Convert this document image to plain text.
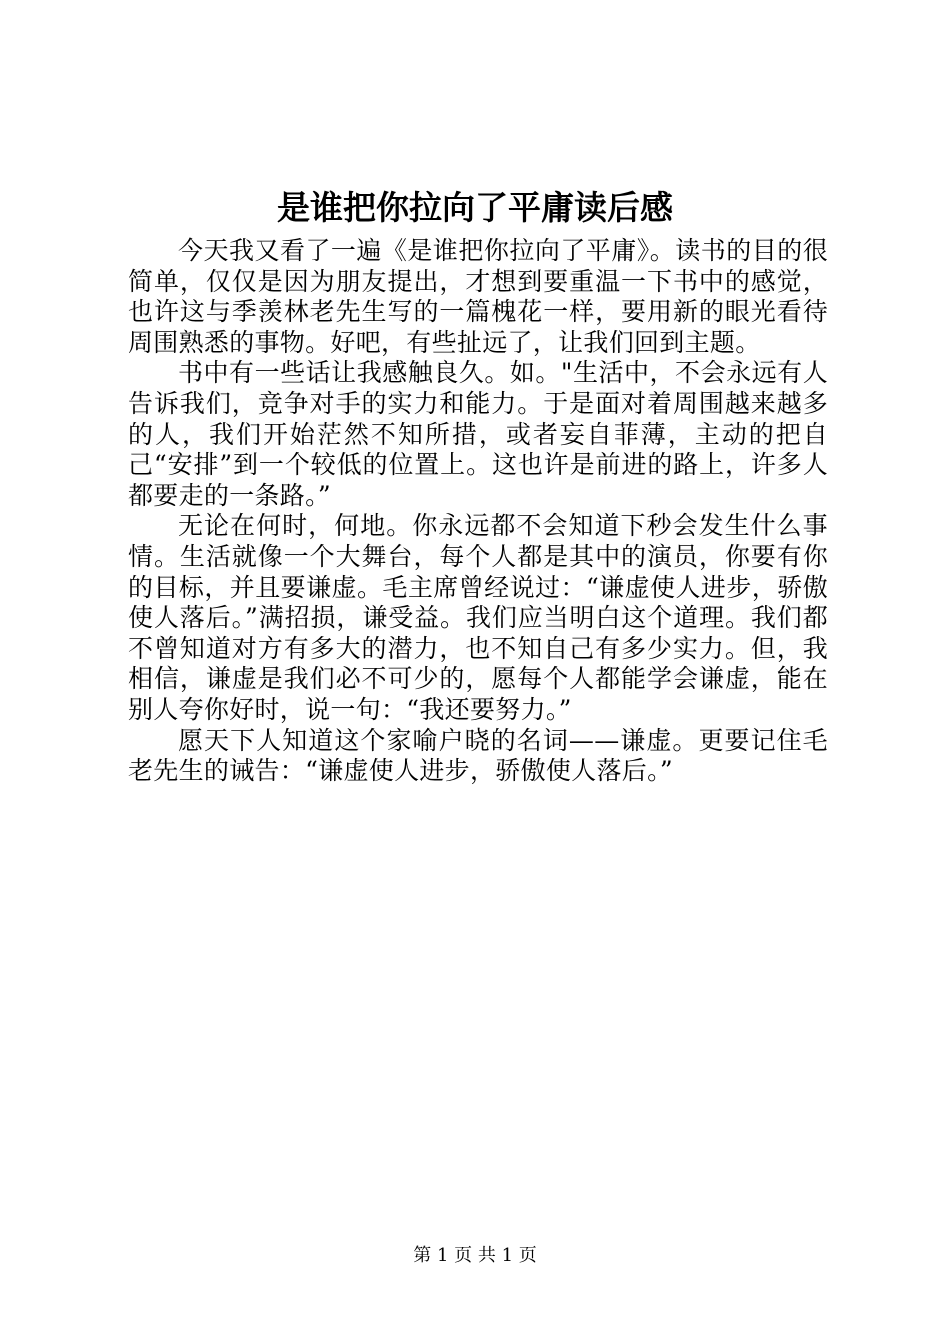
是谁把你拉向了平庸读后感

今天我又看了一遍《是谁把你拉向了平庸》。读书的目的很简单，仅仅是因为朋友提出，才想到要重温一下书中的感觉，也许这与季羡林老先生写的一篇槐花一样，要用新的眼光看待周围熟悉的事物。好吧，有些扯远了，让我们回到主题。

书中有一些话让我感触良久。如。"生活中，不会永远有人告诉我们，竞争对手的实力和能力。于是面对着周围越来越多的人，我们开始茫然不知所措，或者妄自菲薄，主动的把自己“安排”到一个较低的位置上。这也许是前进的路上，许多人都要走的一条路。”

无论在何时，何地。你永远都不会知道下秒会发生什么事情。生活就像一个大舞台，每个人都是其中的演员，你要有你的目标，并且要谦虚。毛主席曾经说过：“谦虚使人进步，骄傲使人落后。”满招损，谦受益。我们应当明白这个道理。我们都不曾知道对方有多大的潜力，也不知自己有多少实力。但，我相信，谦虚是我们必不可少的，愿每个人都能学会谦虚，能在别人夸你好时，说一句：“我还要努力。”

愿天下人知道这个家喻户晓的名词——谦虚。更要记住毛老先生的诫告：“谦虚使人进步，骄傲使人落后。”

第 1 页 共 1 页
